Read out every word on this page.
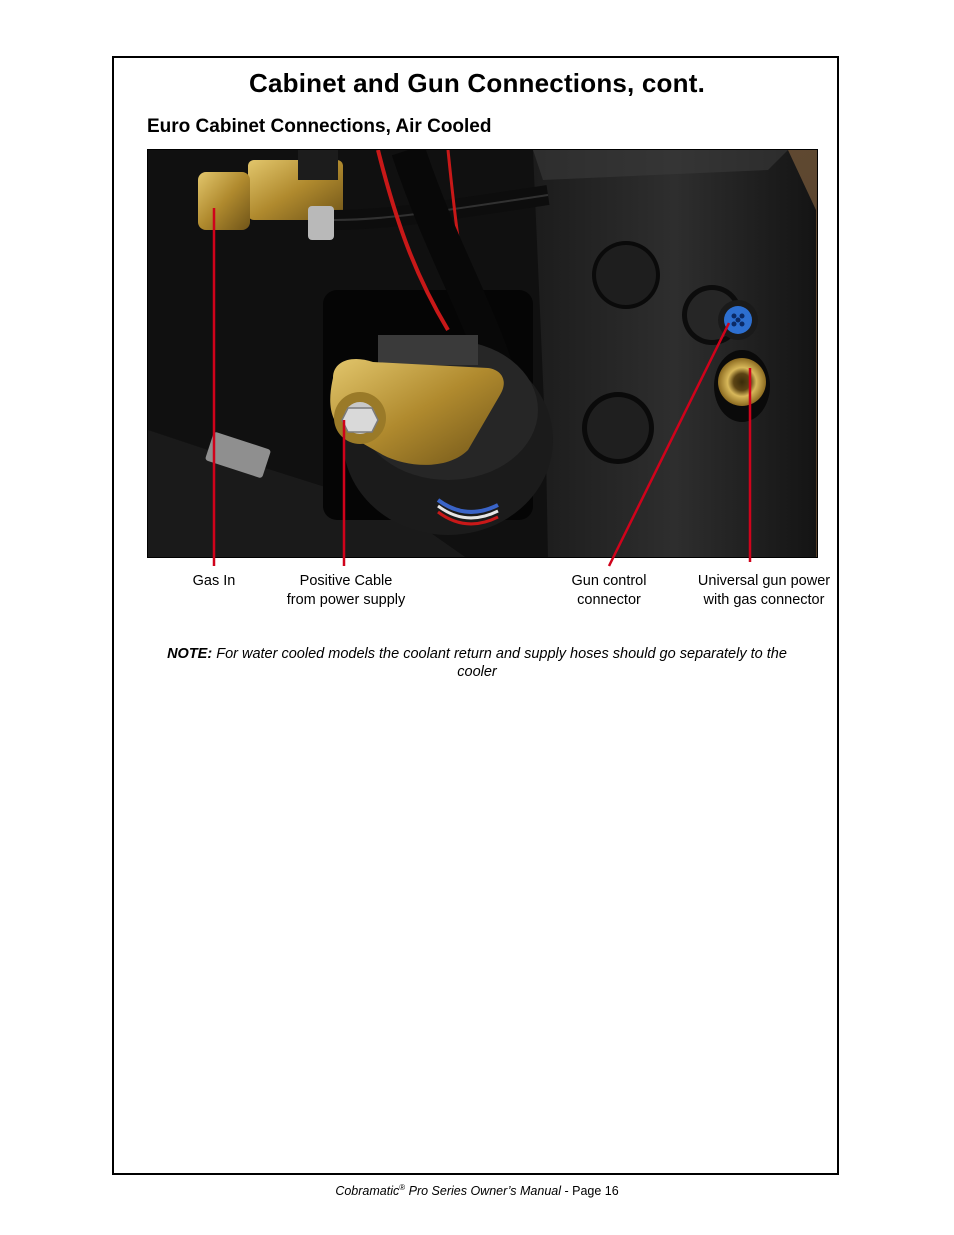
Cabinet and Gun Connections, cont.
Euro Cabinet Connections, Air Cooled
Gas In	Positive Cable
from power supply
Gun control
connector
Universal gun power
with gas connector
NOTE: For water cooled models the coolant return and supply hoses should go separately to the cooler
Cobramatic® Pro Series Owner’s Manual - Page 16
